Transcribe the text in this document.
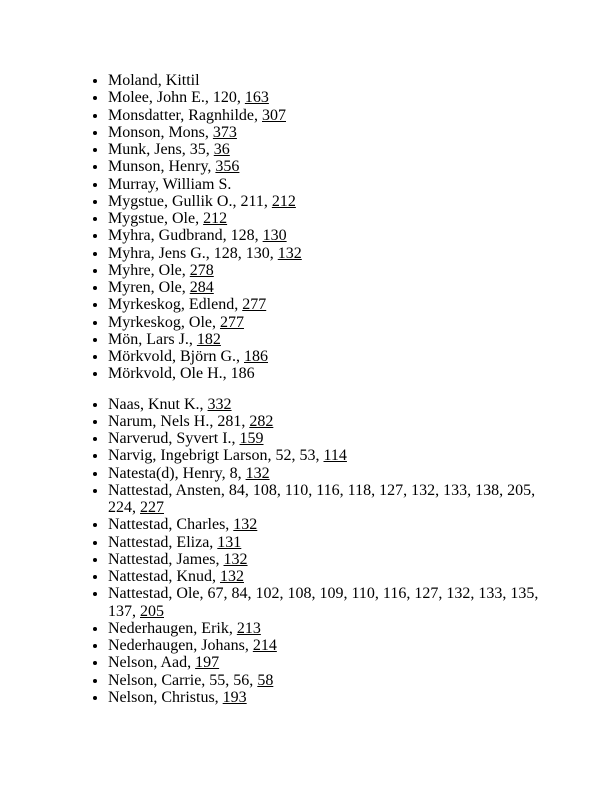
• Moland, Kittil
• Molee, John E., 120, 163
• Monsdatter, Ragnhilde, 307
• Monson, Mons, 373
• Munk, Jens, 35, 36
• Munson, Henry, 356
• Murray, William S.
• Mygstue, Gullik O., 211, 212
• Mygstue, Ole, 212
• Myhra, Gudbrand, 128, 130
• Myhra, Jens G., 128, 130, 132
• Myhre, Ole, 278
• Myren, Ole, 284
• Myrkeskog, Edlend, 277
• Myrkeskog, Ole, 277
• Mön, Lars J., 182
• Mörkvold, Björn G., 186
• Mörkvold, Ole H., 186
• Naas, Knut K., 332
• Narum, Nels H., 281, 282
• Narverud, Syvert I., 159
• Narvig, Ingebrigt Larson, 52, 53, 114
• Natesta(d), Henry, 8, 132
• Nattestad, Ansten, 84, 108, 110, 116, 118, 127, 132, 133, 138, 205, 224, 227
• Nattestad, Charles, 132
• Nattestad, Eliza, 131
• Nattestad, James, 132
• Nattestad, Knud, 132
• Nattestad, Ole, 67, 84, 102, 108, 109, 110, 116, 127, 132, 133, 135, 137, 205
• Nederhaugen, Erik, 213
• Nederhaugen, Johans, 214
• Nelson, Aad, 197
• Nelson, Carrie, 55, 56, 58
• Nelson, Christus, 193
